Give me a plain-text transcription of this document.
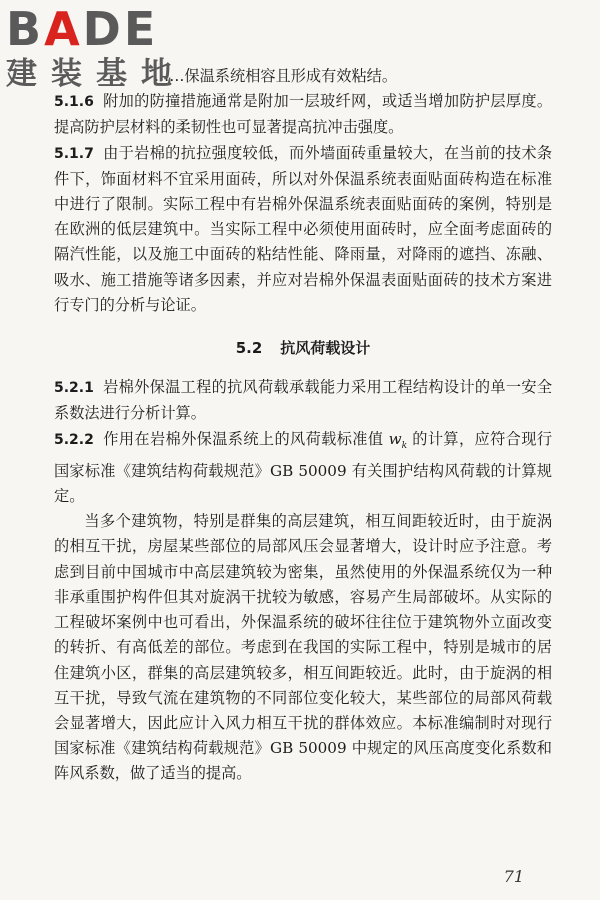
B A DE
建装基地

……保温系统相容且形成有效粘结。

5.1.6 附加的防撞措施通常是附加一层玻纤网，或适当增加防护层厚度。提高防护层材料的柔韧性也可显著提高抗冲击强度。

5.1.7 由于岩棉的抗拉强度较低，而外墙面砖重量较大，在当前的技术条件下，饰面材料不宜采用面砖，所以对外保温系统表面贴面砖构造在标准中进行了限制。实际工程中有岩棉外保温系统表面贴面砖的案例，特别是在欧洲的低层建筑中。当实际工程中必须使用面砖时，应全面考虑面砖的隔汽性能，以及施工中面砖的粘结性能、降雨量，对降雨的遮挡、冻融、吸水、施工措施等诸多因素，并应对岩棉外保温表面贴面砖的技术方案进行专门的分析与论证。

5.2 抗风荷载设计

5.2.1 岩棉外保温工程的抗风荷载承载能力采用工程结构设计的单一安全系数法进行分析计算。

5.2.2 作用在岩棉外保温系统上的风荷载标准值 $w_k$ 的计算，应符合现行国家标准《建筑结构荷载规范》GB 50009 有关围护结构风荷载的计算规定。

当多个建筑物，特别是群集的高层建筑，相互间距较近时，由于旋涡的相互干扰，房屋某些部位的局部风压会显著增大，设计时应予注意。考虑到目前中国城市中高层建筑较为密集，虽然使用的外保温系统仅为一种非承重围护构件但其对旋涡干扰较为敏感，容易产生局部破坏。从实际的工程破坏案例中也可看出，外保温系统的破坏往往位于建筑物外立面改变的转折、有高低差的部位。考虑到在我国的实际工程中，特别是城市的居住建筑小区，群集的高层建筑较多，相互间距较近。此时，由于旋涡的相互干扰，导致气流在建筑物的不同部位变化较大，某些部位的局部风荷载会显著增大，因此应计入风力相互干扰的群体效应。本标准编制时对现行国家标准《建筑结构荷载规范》GB 50009 中规定的风压高度变化系数和阵风系数，做了适当的提高。

71
